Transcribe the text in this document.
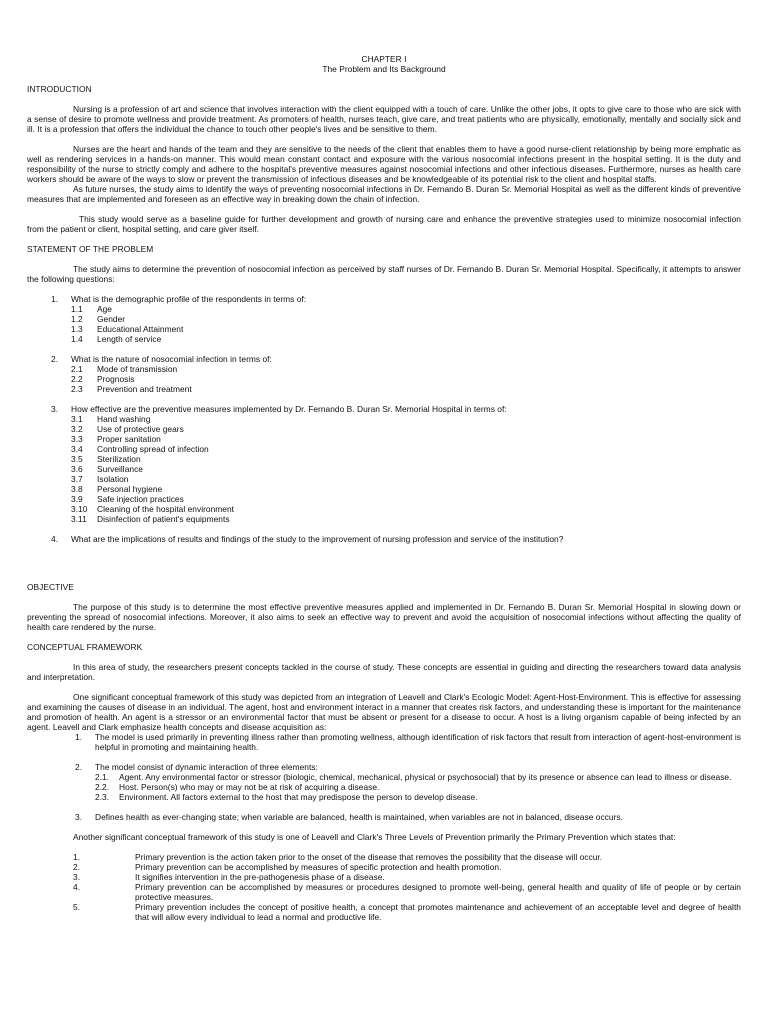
CHAPTER I
The Problem and Its Background
INTRODUCTION

Nursing is a profession of art and science that involves interaction with the client equipped with a touch of care. Unlike the other jobs, it opts to give care to those who are sick with a sense of desire to promote wellness and provide treatment. As promoters of health, nurses teach, give care, and treat patients who are physically, emotionally, mentally and socially sick and ill. It is a profession that offers the individual the chance to touch other people's lives and be sensitive to them.

Nurses are the heart and hands of the team and they are sensitive to the needs of the client that enables them to have a good nurse-client relationship by being more emphatic as well as rendering services in a hands-on manner. This would mean constant contact and exposure with the various nosocomial infections present in the hospital setting. It is the duty and responsibility of the nurse to strictly comply and adhere to the hospital's preventive measures against nosocomial infections and other infectious diseases. Furthermore, nurses as health care workers should be aware of the ways to slow or prevent the transmission of infectious diseases and be knowledgeable of its potential risk to the client and hospital staffs.

As future nurses, the study aims to identify the ways of preventing nosocomial infections in Dr. Fernando B. Duran Sr. Memorial Hospital as well as the different kinds of preventive measures that are implemented and foreseen as an effective way in breaking down the chain of infection.

This study would serve as a baseline guide for further development and growth of nursing care and enhance the preventive strategies used to minimize nosocomial infection from the patient or client, hospital setting, and care giver itself.

STATEMENT OF THE PROBLEM

The study aims to determine the prevention of nosocomial infection as perceived by staff nurses of Dr. Fernando B. Duran Sr. Memorial Hospital. Specifically, it attempts to answer the following questions:

1. What is the demographic profile of the respondents in terms of:
1.1 Age
1.2 Gender
1.3 Educational Attainment
1.4 Length of service
2. What is the nature of nosocomial infection in terms of:
2.1 Mode of transmission
2.2 Prognosis
2.3 Prevention and treatment
3. How effective are the preventive measures implemented by Dr. Fernando B. Duran Sr. Memorial Hospital in terms of:
3.1 Hand washing
3.2 Use of protective gears
3.3 Proper sanitation
3.4 Controlling spread of infection
3.5 Sterilization
3.6 Surveillance
3.7 Isolation
3.8 Personal hygiene
3.9 Safe injection practices
3.10 Cleaning of the hospital environment
3.11 Disinfection of patient's equipments
4. What are the implications of results and findings of the study to the improvement of nursing profession and service of the institution?
OBJECTIVE

The purpose of this study is to determine the most effective preventive measures applied and implemented in Dr. Fernando B. Duran Sr. Memorial Hospital in slowing down or preventing the spread of nosocomial infections. Moreover, it also aims to seek an effective way to prevent and avoid the acquisition of nosocomial infections without affecting the quality of health care rendered by the nurse.

CONCEPTUAL FRAMEWORK

In this area of study, the researchers present concepts tackled in the course of study. These concepts are essential in guiding and directing the researchers toward data analysis and interpretation.

One significant conceptual framework of this study was depicted from an integration of Leavell and Clark's Ecologic Model: Agent-Host-Environment. This is effective for assessing and examining the causes of disease in an individual. The agent, host and environment interact in a manner that creates risk factors, and understanding these is important for the maintenance and promotion of health. An agent is a stressor or an environmental factor that must be absent or present for a disease to occur. A host is a living organism capable of being infected by an agent. Leavell and Clark emphasize health concepts and disease acquisition as:

1. The model is used primarily in preventing illness rather than promoting wellness, although identification of risk factors that result from interaction of agent-host-environment is helpful in promoting and maintaining health.
2. The model consist of dynamic interaction of three elements:
2.1. Agent. Any environmental factor or stressor (biologic, chemical, mechanical, physical or psychosocial) that by its presence or absence can lead to illness or disease.
2.2. Host. Person(s) who may or may not be at risk of acquiring a disease.
2.3. Environment. All factors external to the host that may predispose the person to develop disease.
3. Defines health as ever-changing state; when variable are balanced, health is maintained, when variables are not in balanced, disease occurs.

Another significant conceptual framework of this study is one of Leavell and Clark's Three Levels of Prevention primarily the Primary Prevention which states that:

1.	Primary prevention is the action taken prior to the onset of the disease that removes the possibility that the disease will occur.
2.	Primary prevention can be accomplished by measures of specific protection and health promotion.
3.	It signifies intervention in the pre-pathogenesis phase of a disease.
4.	Primary prevention can be accomplished by measures or procedures designed to promote well-being, general health and quality of life of people or by certain protective measures.
5.	Primary prevention includes the concept of positive health, a concept that promotes maintenance and achievement of an acceptable level and degree of health that will allow every individual to lead a normal and productive life.
